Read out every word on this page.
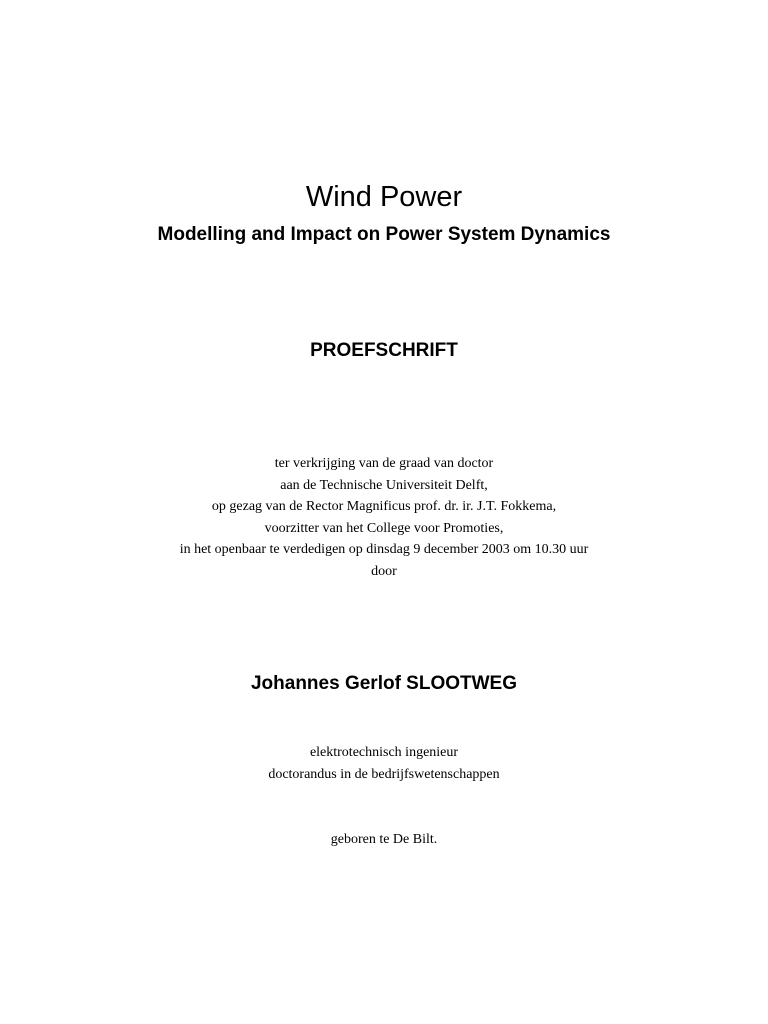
Wind Power
Modelling and Impact on Power System Dynamics
PROEFSCHRIFT
ter verkrijging van de graad van doctor
aan de Technische Universiteit Delft,
op gezag van de Rector Magnificus prof. dr. ir. J.T. Fokkema,
voorzitter van het College voor Promoties,
in het openbaar te verdedigen op dinsdag 9 december 2003 om 10.30 uur
door
Johannes Gerlof SLOOTWEG
elektrotechnisch ingenieur
doctorandus in de bedrijfswetenschappen
geboren te De Bilt.
